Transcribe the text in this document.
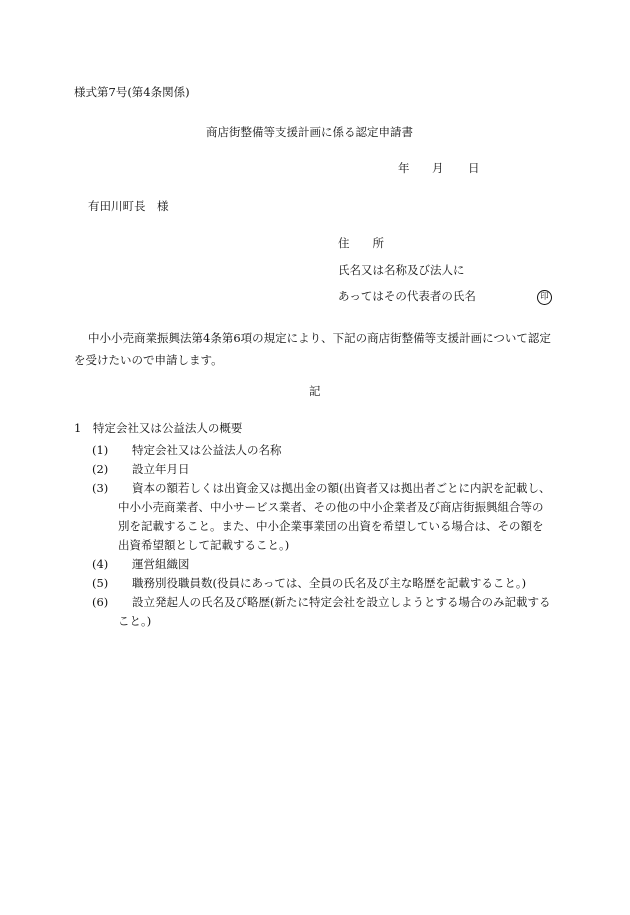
様式第7号(第4条関係)
商店街整備等支援計画に係る認定申請書
年 月 日
有田川町長　様
住　　所
氏名又は名称及び法人に
あってはその代表者の氏名	印
中小小売商業振興法第4条第6項の規定により、下記の商店街整備等支援計画について認定を受けたいので申請します。
記
1　特定会社又は公益法人の概要
(1)	特定会社又は公益法人の名称
(2)	設立年月日
(3)	資本の額若しくは出資金又は拠出金の額(出資者又は拠出者ごとに内訳を記載し、中小小売商業者、中小サービス業者、その他の中小企業者及び商店街振興組合等の別を記載すること。また、中小企業事業団の出資を希望している場合は、その額を出資希望額として記載すること。)
(4)	運営組織図
(5)	職務別役職員数(役員にあっては、全員の氏名及び主な略歴を記載すること。)
(6)	設立発起人の氏名及び略歴(新たに特定会社を設立しようとする場合のみ記載すること。)
